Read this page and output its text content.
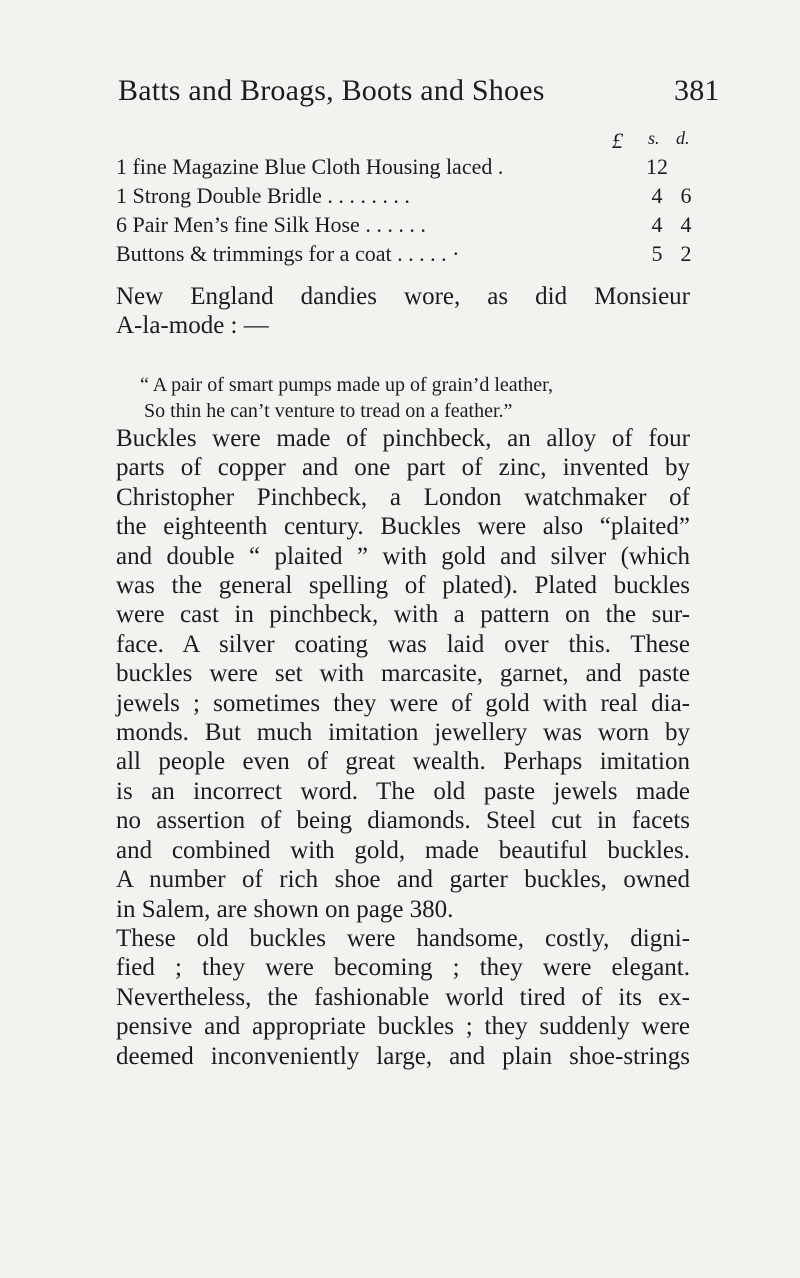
Batts and Broags, Boots and Shoes	381
£ s. d.
1 fine Magazine Blue Cloth Housing laced .	12
1 Strong Double Bridle . . . . . . . .	4 6
6 Pair Men’s fine Silk Hose . . . . . .	4 4
Buttons & trimmings for a coat . . . . . ·	5 2
New England dandies wore, as did Monsieur
A-la-mode : —
“ A pair of smart pumps made up of grain’d leather,
So thin he can’t venture to tread on a feather.”
Buckles were made of pinchbeck, an alloy of four
parts of copper and one part of zinc, invented by
Christopher Pinchbeck, a London watchmaker of
the eighteenth century. Buckles were also “plaited”
and double “ plaited ” with gold and silver (which
was the general spelling of plated). Plated buckles
were cast in pinchbeck, with a pattern on the sur-
face. A silver coating was laid over this. These
buckles were set with marcasite, garnet, and paste
jewels ; sometimes they were of gold with real dia-
monds. But much imitation jewellery was worn by
all people even of great wealth. Perhaps imitation
is an incorrect word. The old paste jewels made
no assertion of being diamonds. Steel cut in facets
and combined with gold, made beautiful buckles.
A number of rich shoe and garter buckles, owned
in Salem, are shown on page 380.
These old buckles were handsome, costly, digni-
fied ; they were becoming ; they were elegant.
Nevertheless, the fashionable world tired of its ex-
pensive and appropriate buckles ; they suddenly were
deemed inconveniently large, and plain shoe-strings
